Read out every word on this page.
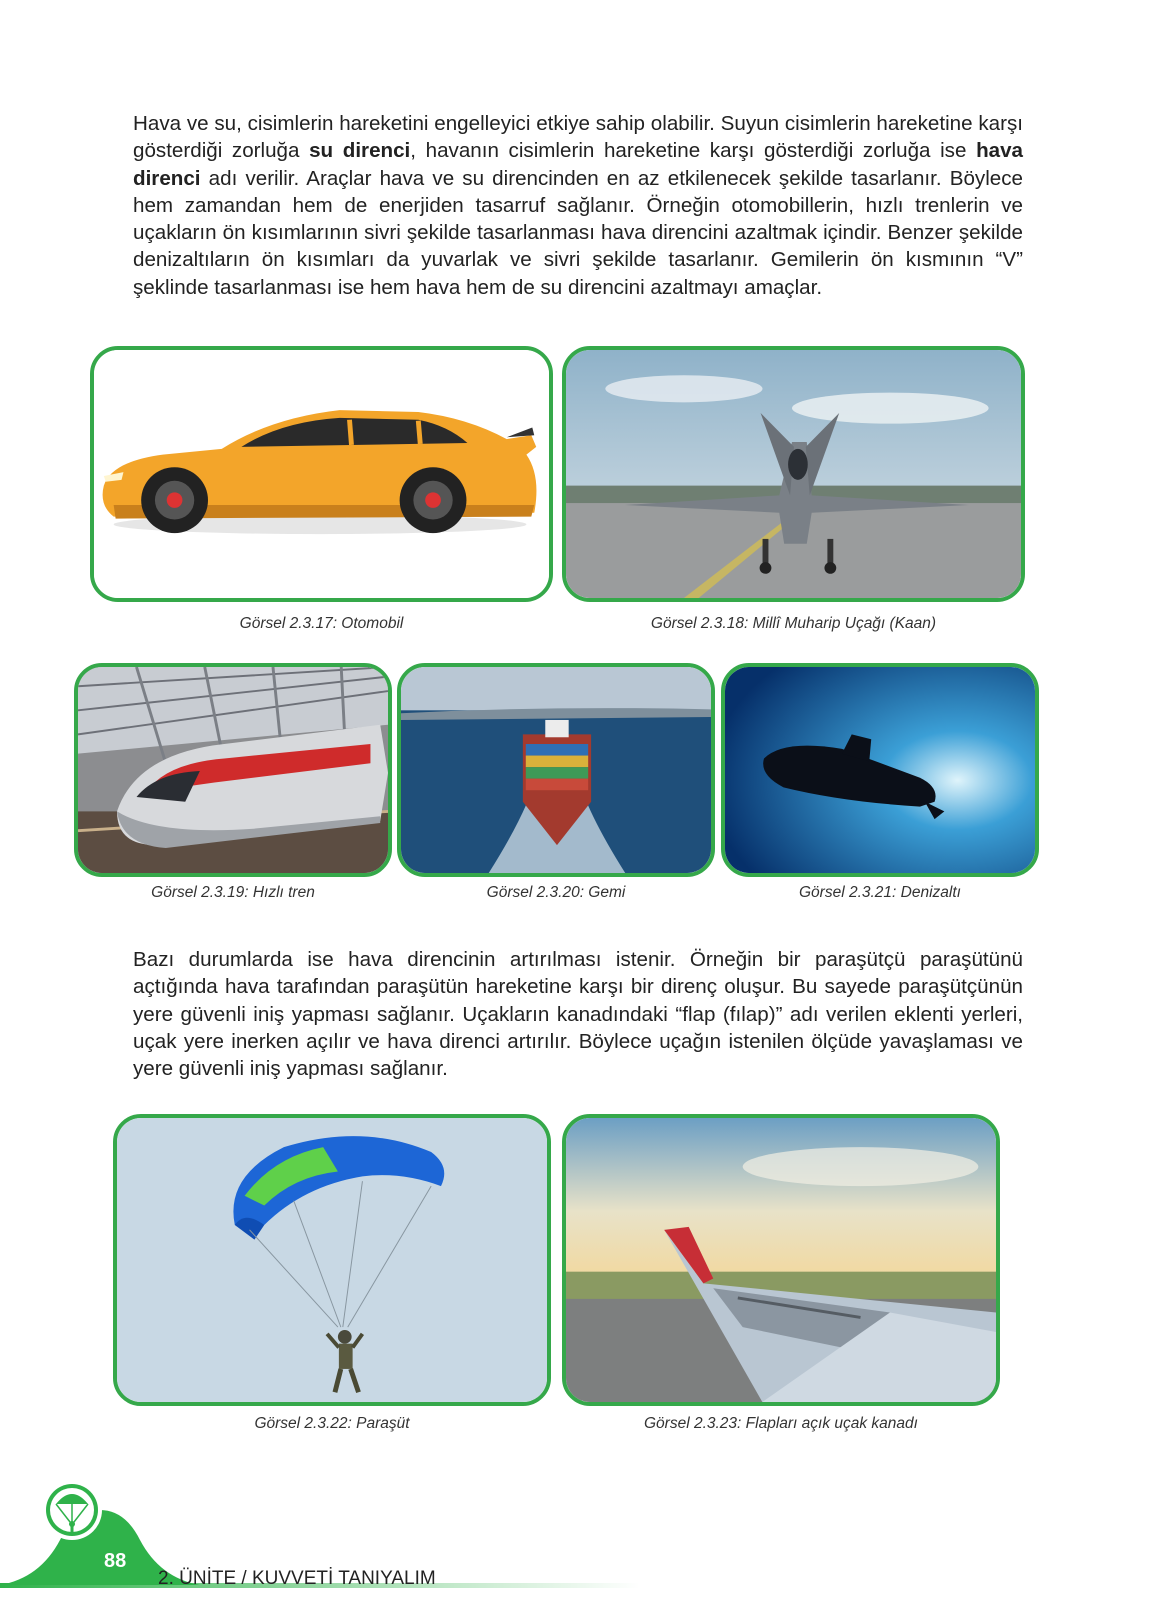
Hava ve su, cisimlerin hareketini engelleyici etkiye sahip olabilir. Suyun cisimlerin hareketine karşı gösterdiği zorluğa su direnci, havanın cisimlerin hareketine karşı gösterdiği zorluğa ise hava direnci adı verilir. Araçlar hava ve su direncinden en az etkilenecek şekilde tasarlanır. Böylece hem zamandan hem de enerjiden tasarruf sağlanır. Örneğin otomobillerin, hızlı trenlerin ve uçakların ön kısımlarının sivri şekilde tasarlanması hava direncini azaltmak içindir. Benzer şekilde denizaltıların ön kısımları da yuvarlak ve sivri şekilde tasarlanır. Gemilerin ön kısmının “V” şeklinde tasarlanması ise hem hava hem de su direncini azaltmayı amaçlar.

Görsel 2.3.17: Otomobil	Görsel 2.3.18: Millî Muharip Uçağı (Kaan)
Görsel 2.3.19: Hızlı tren	Görsel 2.3.20: Gemi	Görsel 2.3.21: Denizaltı

Bazı durumlarda ise hava direncinin artırılması istenir. Örneğin bir paraşütçü paraşütünü açtığında hava tarafından paraşütün hareketine karşı bir direnç oluşur. Bu sayede paraşütçünün yere güvenli iniş yapması sağlanır. Uçakların kanadındaki “flap (fılap)” adı verilen eklenti yerleri, uçak yere inerken açılır ve hava direnci artırılır. Böylece uçağın istenilen ölçüde yavaşlaması ve yere güvenli iniş yapması sağlanır.

Görsel 2.3.22: Paraşüt	Görsel 2.3.23: Flapları açık uçak kanadı
88
2. ÜNİTE / KUVVETİ TANIYALIM
